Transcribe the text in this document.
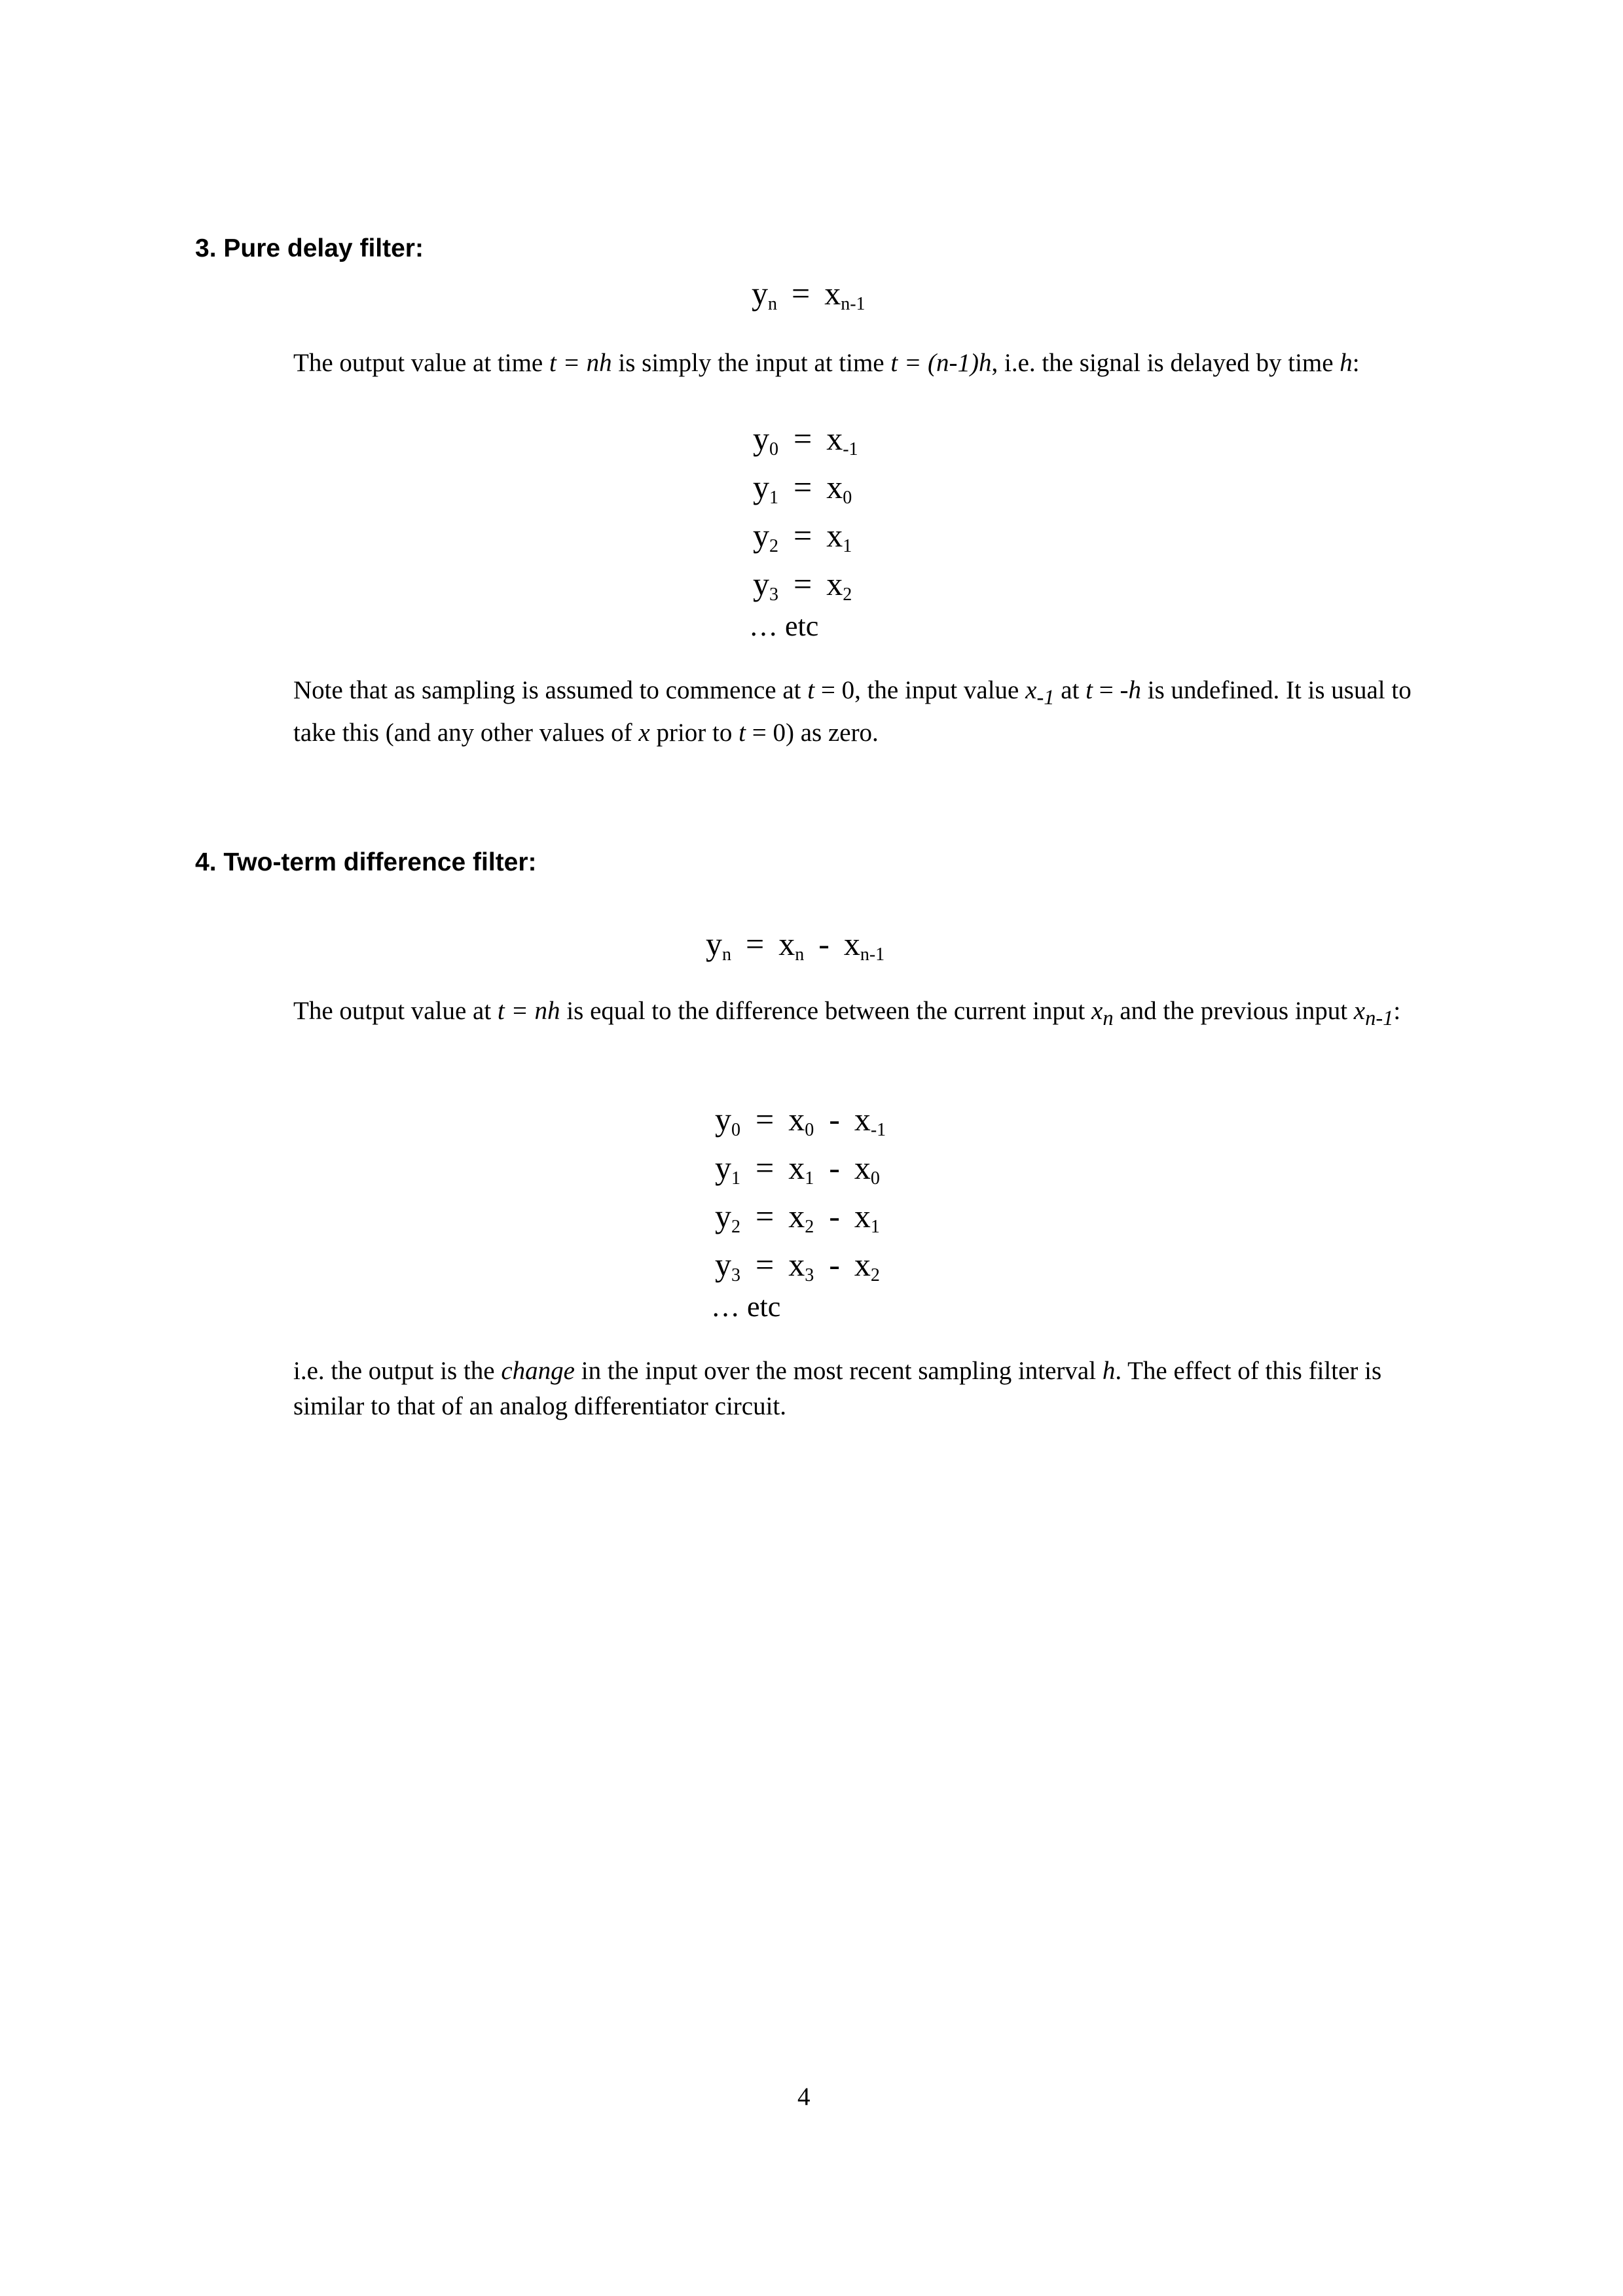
3. Pure delay filter:
$y_n = x_{n-1}$

The output value at time t = nh is simply the input at time t = (n-1)h, i.e. the signal is delayed by time h:

$y_0 = x_{-1}$
$y_1 = x_0$
$y_2 = x_1$
$y_3 = x_2$
… etc

Note that as sampling is assumed to commence at t = 0, the input value $x_{-1}$ at t = -h is undefined. It is usual to take this (and any other values of x prior to t = 0) as zero.

4. Two-term difference filter:
$y_n = x_n - x_{n-1}$

The output value at t = nh is equal to the difference between the current input $x_n$ and the previous input $x_{n-1}$:

$y_0 = x_0 - x_{-1}$
$y_1 = x_1 - x_0$
$y_2 = x_2 - x_1$
$y_3 = x_3 - x_2$
… etc

i.e. the output is the change in the input over the most recent sampling interval h. The effect of this filter is similar to that of an analog differentiator circuit.

4
